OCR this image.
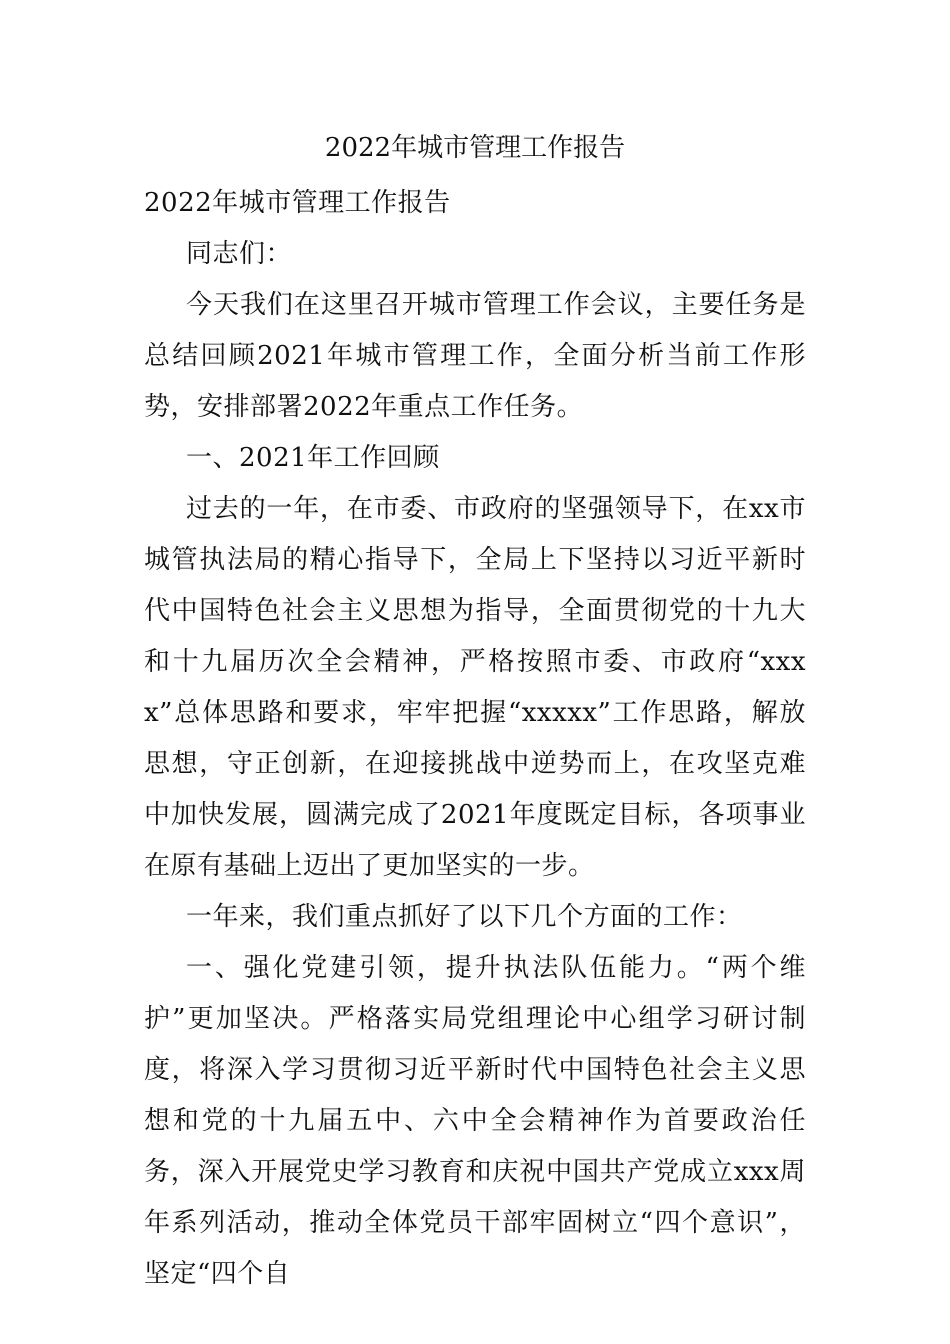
2022年城市管理工作报告

2022年城市管理工作报告

同志们：

今天我们在这里召开城市管理工作会议，主要任务是总结回顾2021年城市管理工作，全面分析当前工作形势，安排部署2022年重点工作任务。

一、2021年工作回顾

过去的一年，在市委、市政府的坚强领导下，在xx市城管执法局的精心指导下，全局上下坚持以习近平新时代中国特色社会主义思想为指导，全面贯彻党的十九大和十九届历次全会精神，严格按照市委、市政府“xxxx”总体思路和要求，牢牢把握“xxxxx”工作思路，解放思想，守正创新，在迎接挑战中逆势而上，在攻坚克难中加快发展，圆满完成了2021年度既定目标，各项事业在原有基础上迈出了更加坚实的一步。

一年来，我们重点抓好了以下几个方面的工作：

一、强化党建引领，提升执法队伍能力。“两个维护”更加坚决。严格落实局党组理论中心组学习研讨制度，将深入学习贯彻习近平新时代中国特色社会主义思想和党的十九届五中、六中全会精神作为首要政治任务，深入开展党史学习教育和庆祝中国共产党成立xxx周年系列活动，推动全体党员干部牢固树立“四个意识”，坚定“四个自
